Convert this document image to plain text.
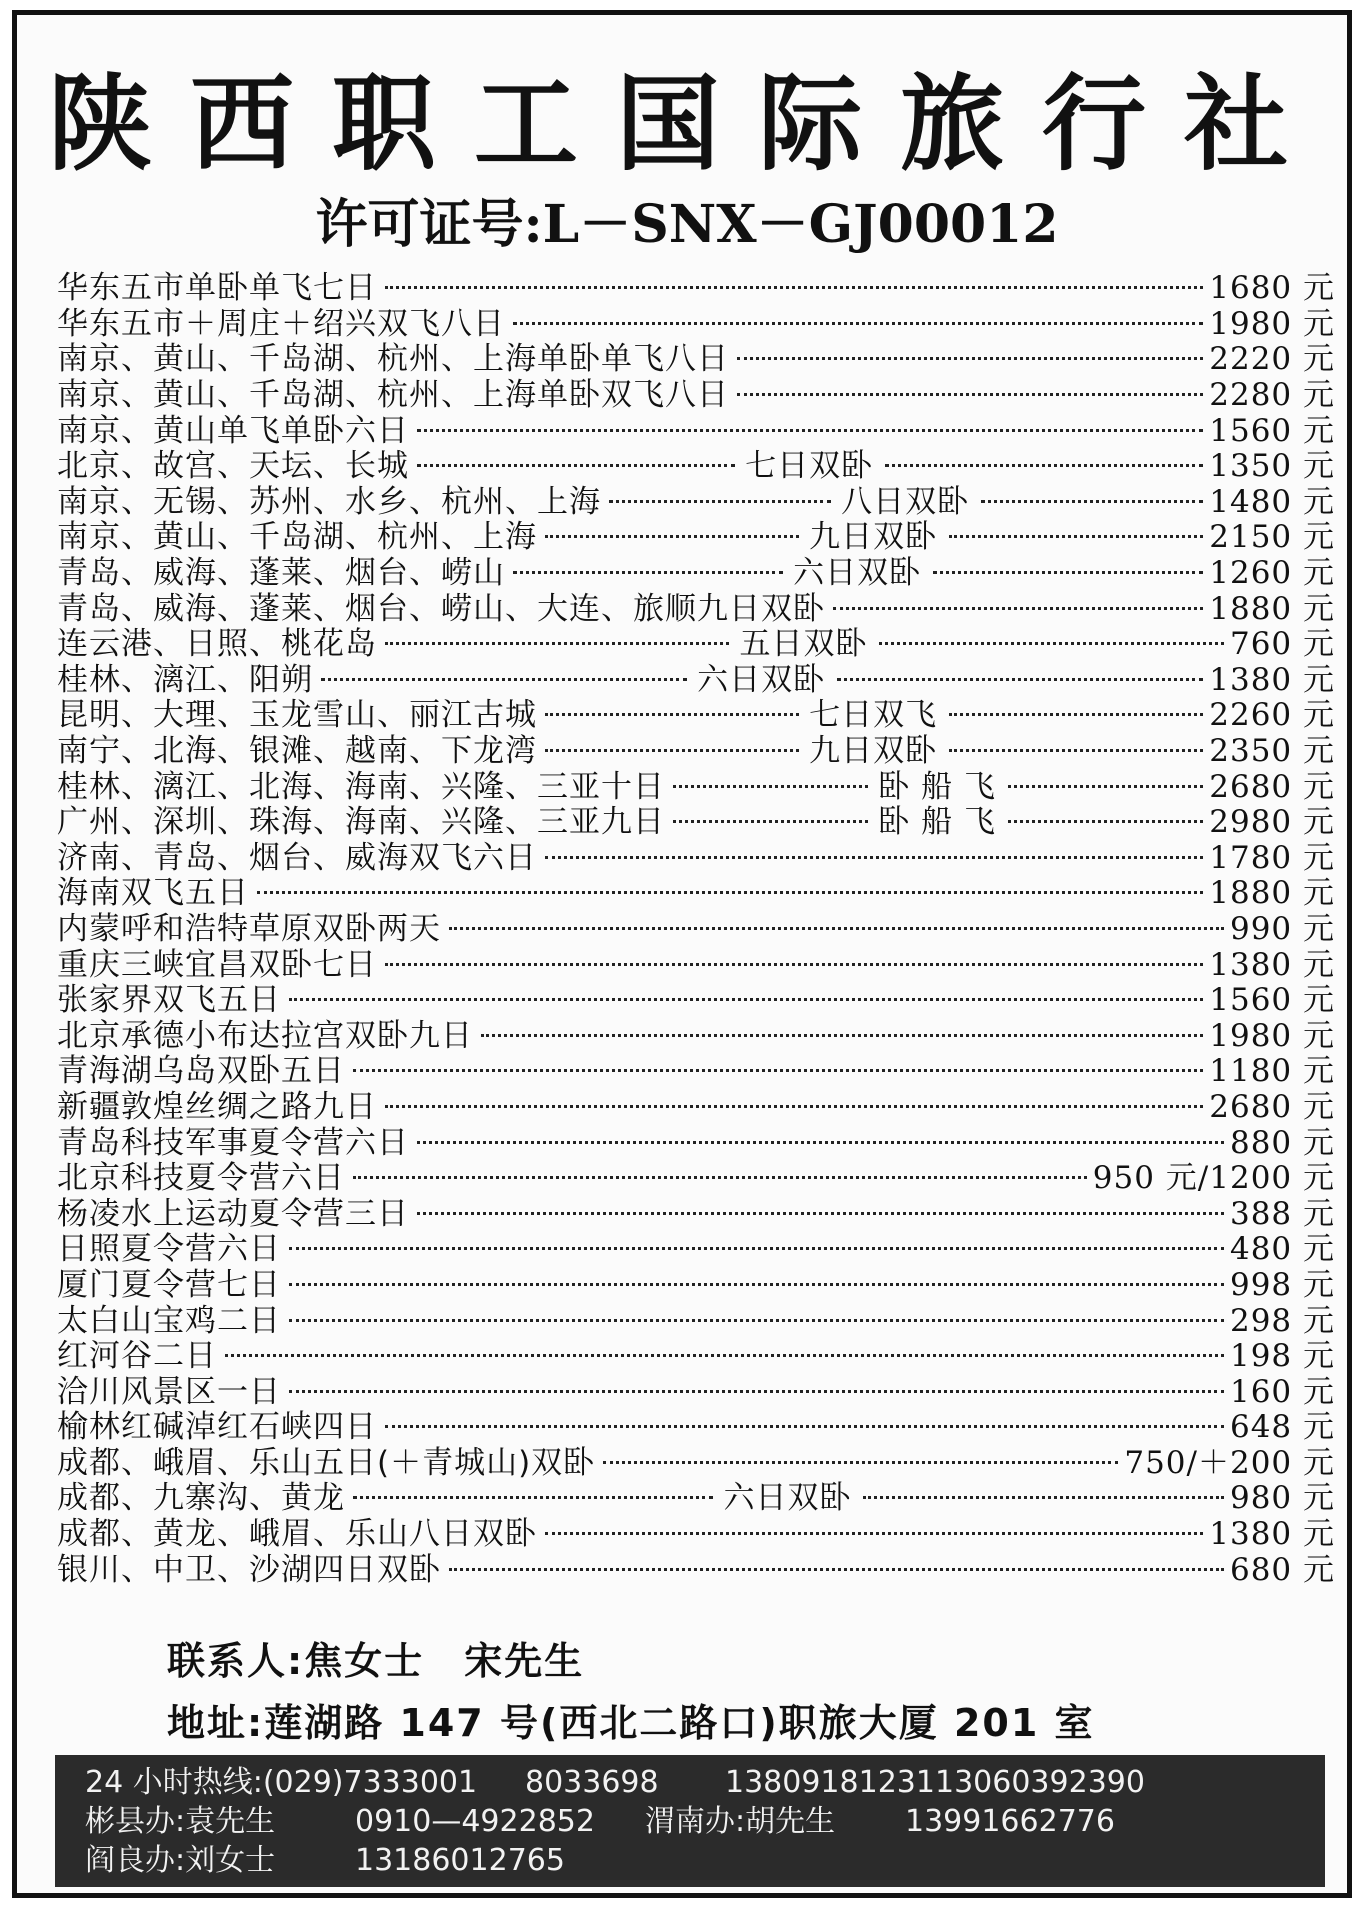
陕西职工国际旅行社
许可证号:L－SNX－GJ00012
华东五市单卧单飞七日	1680 元
华东五市＋周庄＋绍兴双飞八日	1980 元
南京、黄山、千岛湖、杭州、上海单卧单飞八日	2220 元
南京、黄山、千岛湖、杭州、上海单卧双飞八日	2280 元
南京、黄山单飞单卧六日	1560 元
北京、故宫、天坛、长城	七日双卧	1350 元
南京、无锡、苏州、水乡、杭州、上海	八日双卧	1480 元
南京、黄山、千岛湖、杭州、上海	九日双卧	2150 元
青岛、威海、蓬莱、烟台、崂山	六日双卧	1260 元
青岛、威海、蓬莱、烟台、崂山、大连、旅顺九日双卧	1880 元
连云港、日照、桃花岛	五日双卧	760 元
桂林、漓江、阳朔	六日双卧	1380 元
昆明、大理、玉龙雪山、丽江古城	七日双飞	2260 元
南宁、北海、银滩、越南、下龙湾	九日双卧	2350 元
桂林、漓江、北海、海南、兴隆、三亚十日	卧 船 飞	2680 元
广州、深圳、珠海、海南、兴隆、三亚九日	卧 船 飞	2980 元
济南、青岛、烟台、威海双飞六日	1780 元
海南双飞五日	1880 元
内蒙呼和浩特草原双卧两天	990 元
重庆三峡宜昌双卧七日	1380 元
张家界双飞五日	1560 元
北京承德小布达拉宫双卧九日	1980 元
青海湖乌岛双卧五日	1180 元
新疆敦煌丝绸之路九日	2680 元
青岛科技军事夏令营六日	880 元
北京科技夏令营六日	950 元/1200 元
杨凌水上运动夏令营三日	388 元
日照夏令营六日	480 元
厦门夏令营七日	998 元
太白山宝鸡二日	298 元
红河谷二日	198 元
洽川风景区一日	160 元
榆林红碱淖红石峡四日	648 元
成都、峨眉、乐山五日(＋青城山)双卧	750/＋200 元
成都、九寨沟、黄龙	六日双卧	980 元
成都、黄龙、峨眉、乐山八日双卧	1380 元
银川、中卫、沙湖四日双卧	680 元
联系人:焦女士　宋先生
地址:莲湖路 147 号(西北二路口)职旅大厦 201 室
24 小时热线:(029)7333001 8033698 13809181231 13060392390
彬县办:袁先生	0910—4922852 渭南办:胡先生 13991662776
阎良办:刘女士	13186012765
